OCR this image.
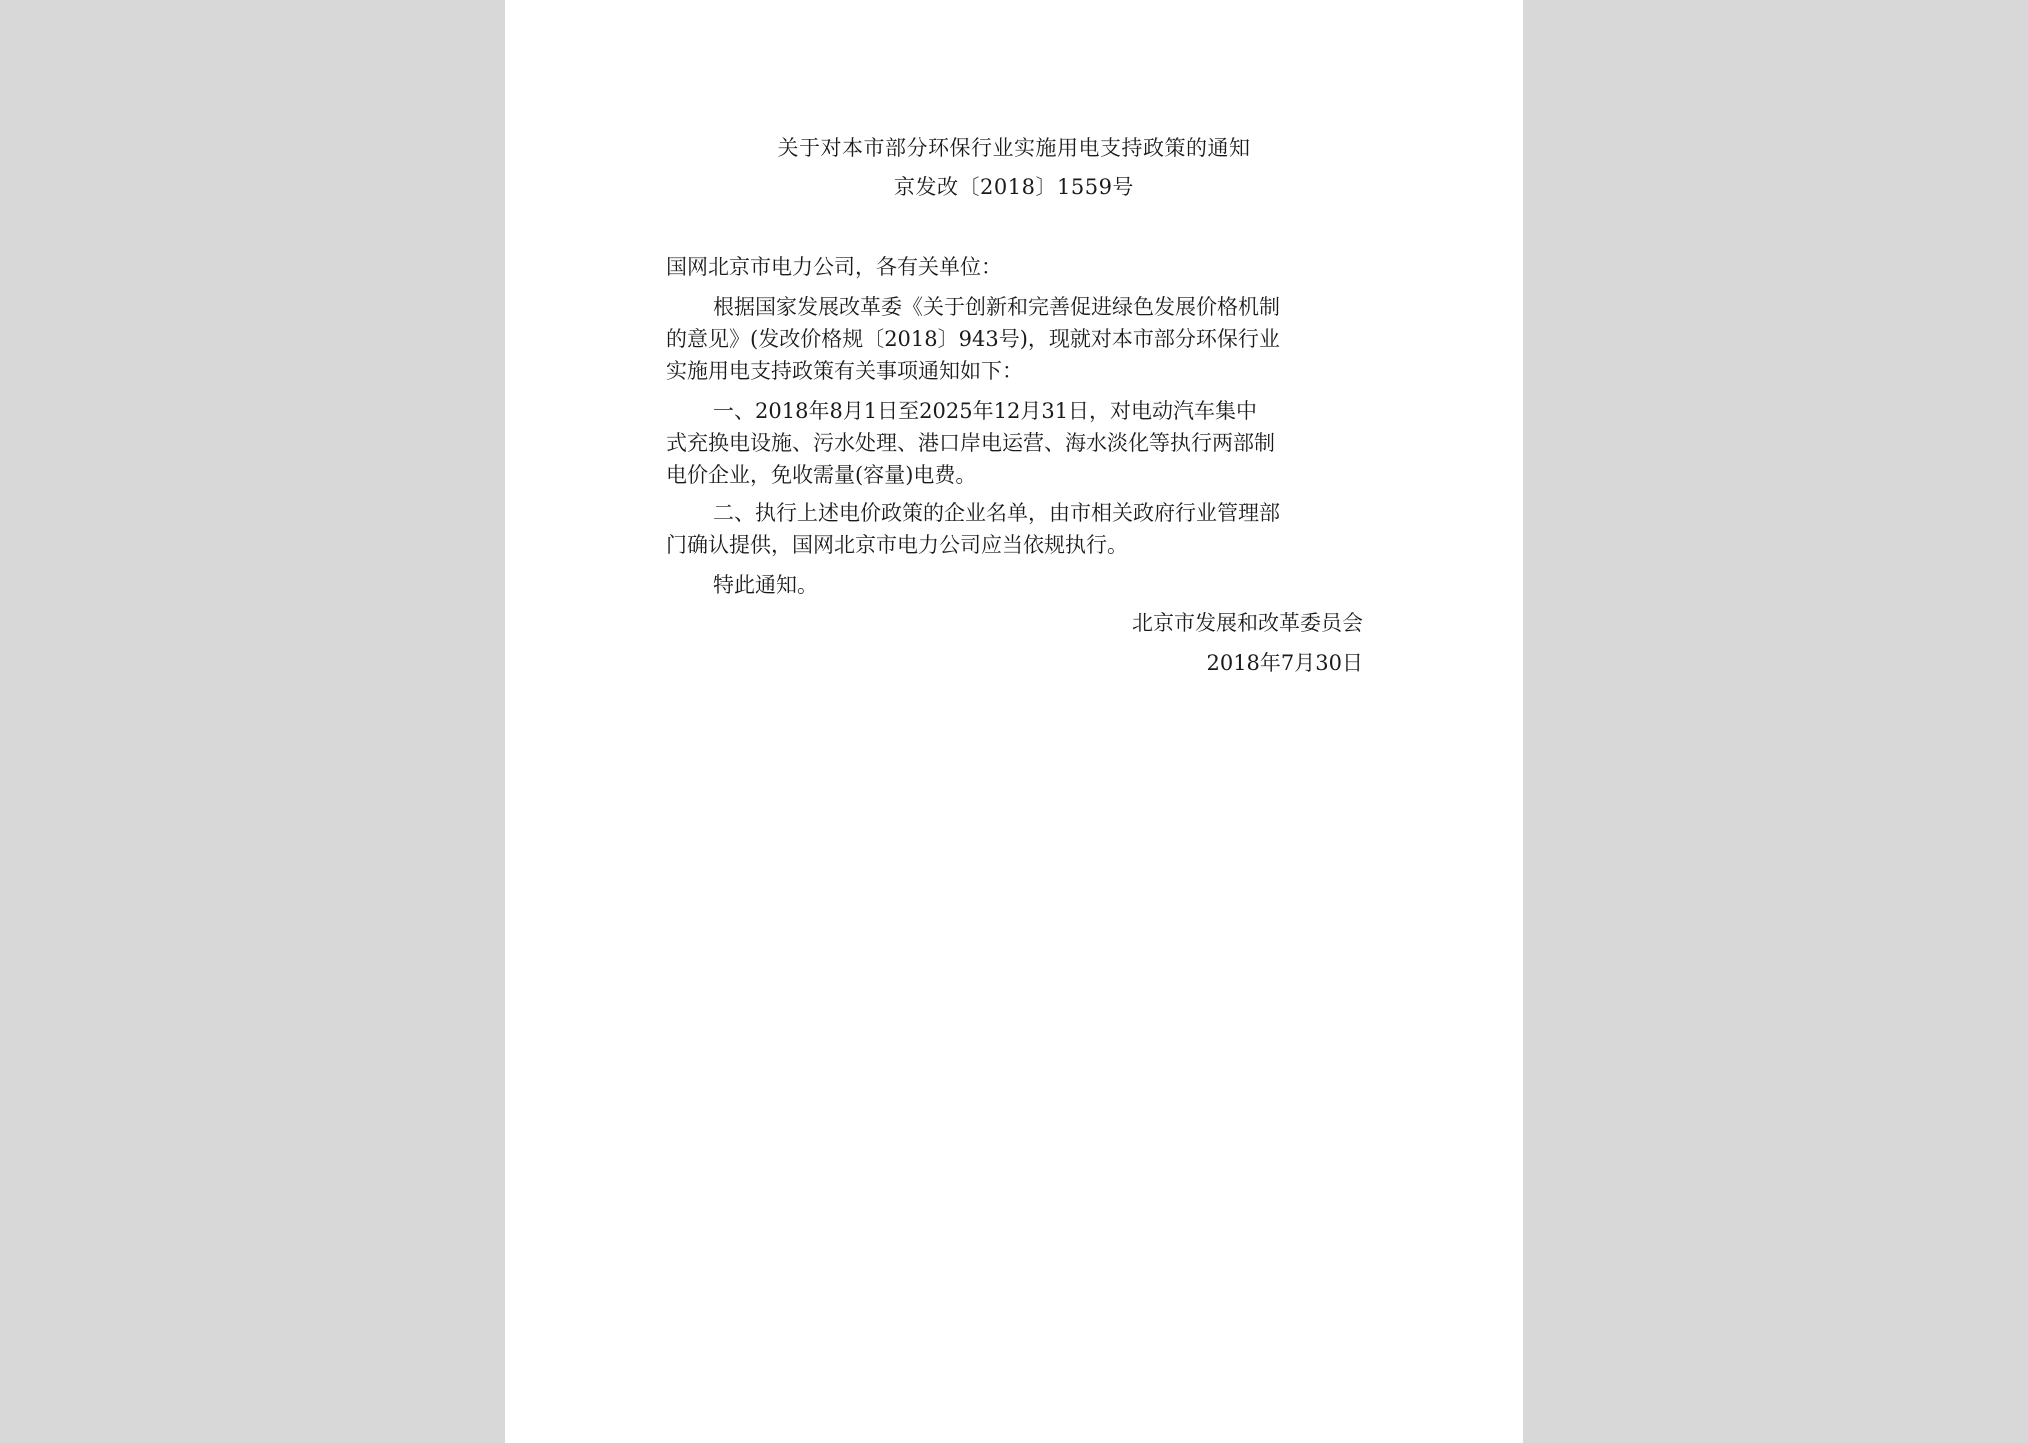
关于对本市部分环保行业实施用电支持政策的通知
京发改〔2018〕1559号
国网北京市电力公司，各有关单位：
根据国家发展改革委《关于创新和完善促进绿色发展价格机制
的意见》(发改价格规〔2018〕943号)，现就对本市部分环保行业
实施用电支持政策有关事项通知如下：
一、2018年8月1日至2025年12月31日，对电动汽车集中
式充换电设施、污水处理、港口岸电运营、海水淡化等执行两部制
电价企业，免收需量(容量)电费。
二、执行上述电价政策的企业名单，由市相关政府行业管理部
门确认提供，国网北京市电力公司应当依规执行。
特此通知。
北京市发展和改革委员会
2018年7月30日
